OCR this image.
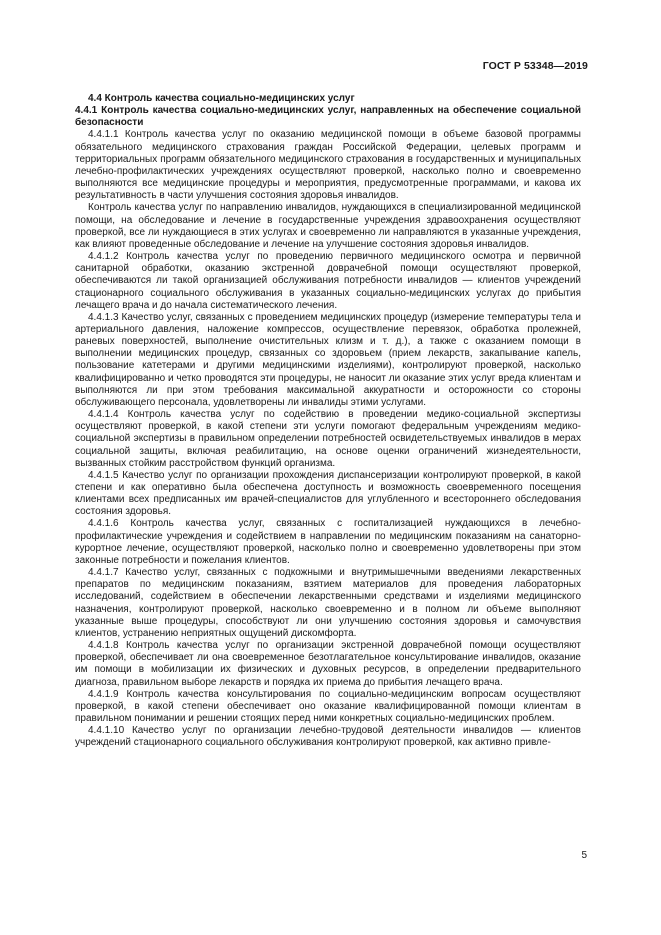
ГОСТ Р 53348—2019

4.4 Контроль качества социально-медицинских услуг

4.4.1 Контроль качества социально-медицинских услуг, направленных на обеспечение социальной безопасности

4.4.1.1 Контроль качества услуг по оказанию медицинской помощи в объеме базовой программы обязательного медицинского страхования граждан Российской Федерации, целевых программ и территориальных программ обязательного медицинского страхования в государственных и муниципальных лечебно-профилактических учреждениях осуществляют проверкой, насколько полно и своевременно выполняются все медицинские процедуры и мероприятия, предусмотренные программами, и какова их результативность в части улучшения состояния здоровья инвалидов.

Контроль качества услуг по направлению инвалидов, нуждающихся в специализированной медицинской помощи, на обследование и лечение в государственные учреждения здравоохранения осуществляют проверкой, все ли нуждающиеся в этих услугах и своевременно ли направляются в указанные учреждения, как влияют проведенные обследование и лечение на улучшение состояния здоровья инвалидов.

4.4.1.2 Контроль качества услуг по проведению первичного медицинского осмотра и первичной санитарной обработки, оказанию экстренной доврачебной помощи осуществляют проверкой, обеспечиваются ли такой организацией обслуживания потребности инвалидов — клиентов учреждений стационарного социального обслуживания в указанных социально-медицинских услугах до прибытия лечащего врача и до начала систематического лечения.

4.4.1.3 Качество услуг, связанных с проведением медицинских процедур (измерение температуры тела и артериального давления, наложение компрессов, осуществление перевязок, обработка пролежней, раневых поверхностей, выполнение очистительных клизм и т. д.), а также с оказанием помощи в выполнении медицинских процедур, связанных со здоровьем (прием лекарств, закапывание капель, пользование катетерами и другими медицинскими изделиями), контролируют проверкой, насколько квалифицированно и четко проводятся эти процедуры, не наносит ли оказание этих услуг вреда клиентам и выполняются ли при этом требования максимальной аккуратности и осторожности со стороны обслуживающего персонала, удовлетворены ли инвалиды этими услугами.

4.4.1.4 Контроль качества услуг по содействию в проведении медико-социальной экспертизы осуществляют проверкой, в какой степени эти услуги помогают федеральным учреждениям медико-социальной экспертизы в правильном определении потребностей освидетельствуемых инвалидов в мерах социальной защиты, включая реабилитацию, на основе оценки ограничений жизнедеятельности, вызванных стойким расстройством функций организма.

4.4.1.5 Качество услуг по организации прохождения диспансеризации контролируют проверкой, в какой степени и как оперативно была обеспечена доступность и возможность своевременного посещения клиентами всех предписанных им врачей-специалистов для углубленного и всестороннего обследования состояния здоровья.

4.4.1.6 Контроль качества услуг, связанных с госпитализацией нуждающихся в лечебно-профилактические учреждения и содействием в направлении по медицинским показаниям на санаторно-курортное лечение, осуществляют проверкой, насколько полно и своевременно удовлетворены при этом законные потребности и пожелания клиентов.

4.4.1.7 Качество услуг, связанных с подкожными и внутримышечными введениями лекарственных препаратов по медицинским показаниям, взятием материалов для проведения лабораторных исследований, содействием в обеспечении лекарственными средствами и изделиями медицинского назначения, контролируют проверкой, насколько своевременно и в полном ли объеме выполняют указанные выше процедуры, способствуют ли они улучшению состояния здоровья и самочувствия клиентов, устранению неприятных ощущений дискомфорта.

4.4.1.8 Контроль качества услуг по организации экстренной доврачебной помощи осуществляют проверкой, обеспечивает ли она своевременное безотлагательное консультирование инвалидов, оказание им помощи в мобилизации их физических и духовных ресурсов, в определении предварительного диагноза, правильном выборе лекарств и порядка их приема до прибытия лечащего врача.

4.4.1.9 Контроль качества консультирования по социально-медицинским вопросам осуществляют проверкой, в какой степени обеспечивает оно оказание квалифицированной помощи клиентам в правильном понимании и решении стоящих перед ними конкретных социально-медицинских проблем.

4.4.1.10 Качество услуг по организации лечебно-трудовой деятельности инвалидов — клиентов учреждений стационарного социального обслуживания контролируют проверкой, как активно привле-

5
